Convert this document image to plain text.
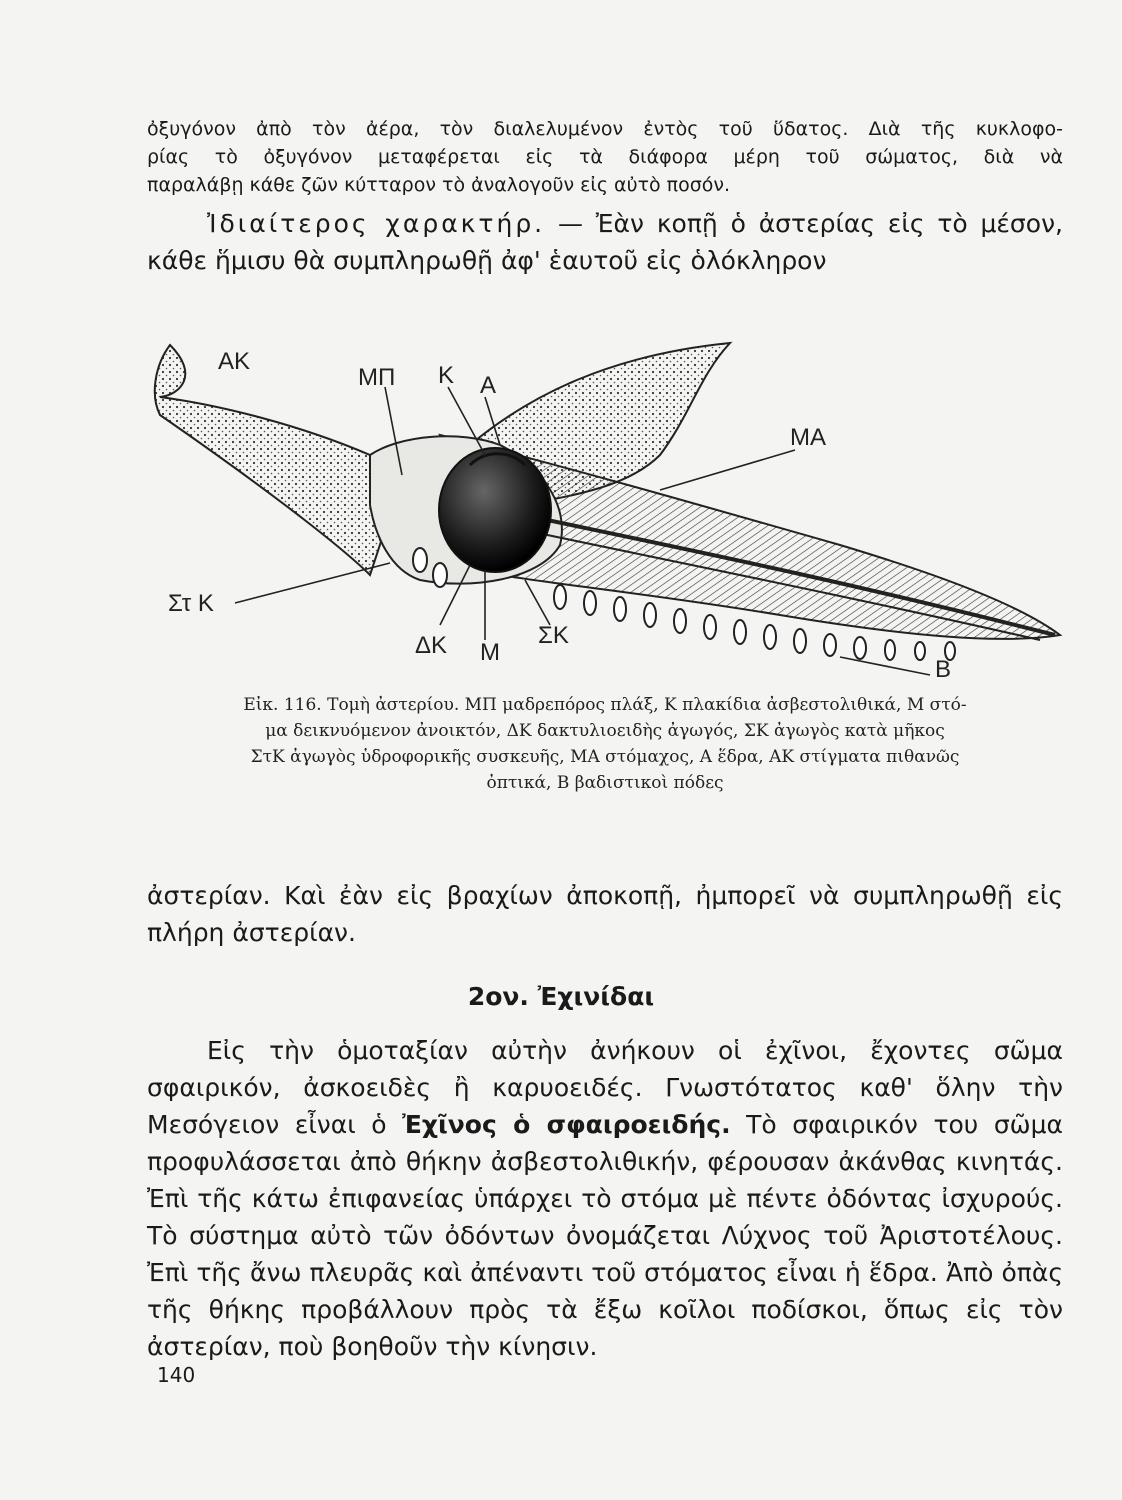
ὀξυγόνον ἀπὸ τὸν ἀέρα, τὸν διαλελυμένον ἐντὸς τοῦ ὕδατος. Διὰ τῆς κυκλοφο-
ρίας τὸ ὀξυγόνον μεταφέρεται εἰς τὰ διάφορα μέρη τοῦ σώματος, διὰ νὰ
παραλάβῃ κάθε ζῶν κύτταρον τὸ ἀναλογοῦν εἰς αὐτὸ ποσόν.

Ἰδιαίτερος χαρακτήρ. — Ἐὰν κοπῇ ὁ ἀστερίας εἰς τὸ μέσον, κάθε ἥμισυ θὰ συμπληρωθῇ ἀφ' ἑαυτοῦ εἰς ὁλόκληρον

ΑΚ
ΜΠ Κ Α
ΜΑ
Στ Κ
ΔΚ Μ
ΣΚ
Β
Εἰκ. 116. Τομὴ ἀστερίου. ΜΠ μαδρεπόρος πλάξ, Κ πλακίδια ἀσβεστολιθικά, Μ στό-
μα δεικνυόμενον ἀνοικτόν, ΔΚ δακτυλιοειδὴς ἀγωγός, ΣΚ ἀγωγὸς κατὰ μῆκος
ΣτΚ ἀγωγὸς ὑδροφορικῆς συσκευῆς, ΜΑ στόμαχος, Α ἕδρα, ΑΚ στίγματα πιθανῶς
ὀπτικά, Β βαδιστικοὶ πόδες

ἀστερίαν. Καὶ ἐὰν εἰς βραχίων ἀποκοπῇ, ἠμπορεῖ νὰ συμπληρωθῇ εἰς πλήρη ἀστερίαν.

2ον. Ἐχινίδαι

Εἰς τὴν ὁμοταξίαν αὐτὴν ἀνήκουν οἱ ἐχῖνοι, ἔχοντες σῶμα σφαιρικόν, ἀσκοειδὲς ἢ καρυοειδές. Γνωστότατος καθ' ὅλην τὴν Μεσόγειον εἶναι ὁ Ἐχῖνος ὁ σφαιροειδής. Τὸ σφαιρικόν του σῶμα προφυλάσσεται ἀπὸ θήκην ἀσβεστολιθικήν, φέρουσαν ἀκάνθας κινητάς. Ἐπὶ τῆς κάτω ἐπιφανείας ὑπάρχει τὸ στόμα μὲ πέντε ὀδόντας ἰσχυρούς. Τὸ σύστημα αὐτὸ τῶν ὀδόντων ὀνομάζεται Λύχνος τοῦ Ἀριστοτέλους. Ἐπὶ τῆς ἄνω πλευρᾶς καὶ ἀπέναντι τοῦ στόματος εἶναι ἡ ἕδρα. Ἀπὸ ὀπὰς τῆς θήκης προβάλλουν πρὸς τὰ ἔξω κοῖλοι ποδίσκοι, ὅπως εἰς τὸν ἀστερίαν, ποὺ βοηθοῦν τὴν κίνησιν.

140
